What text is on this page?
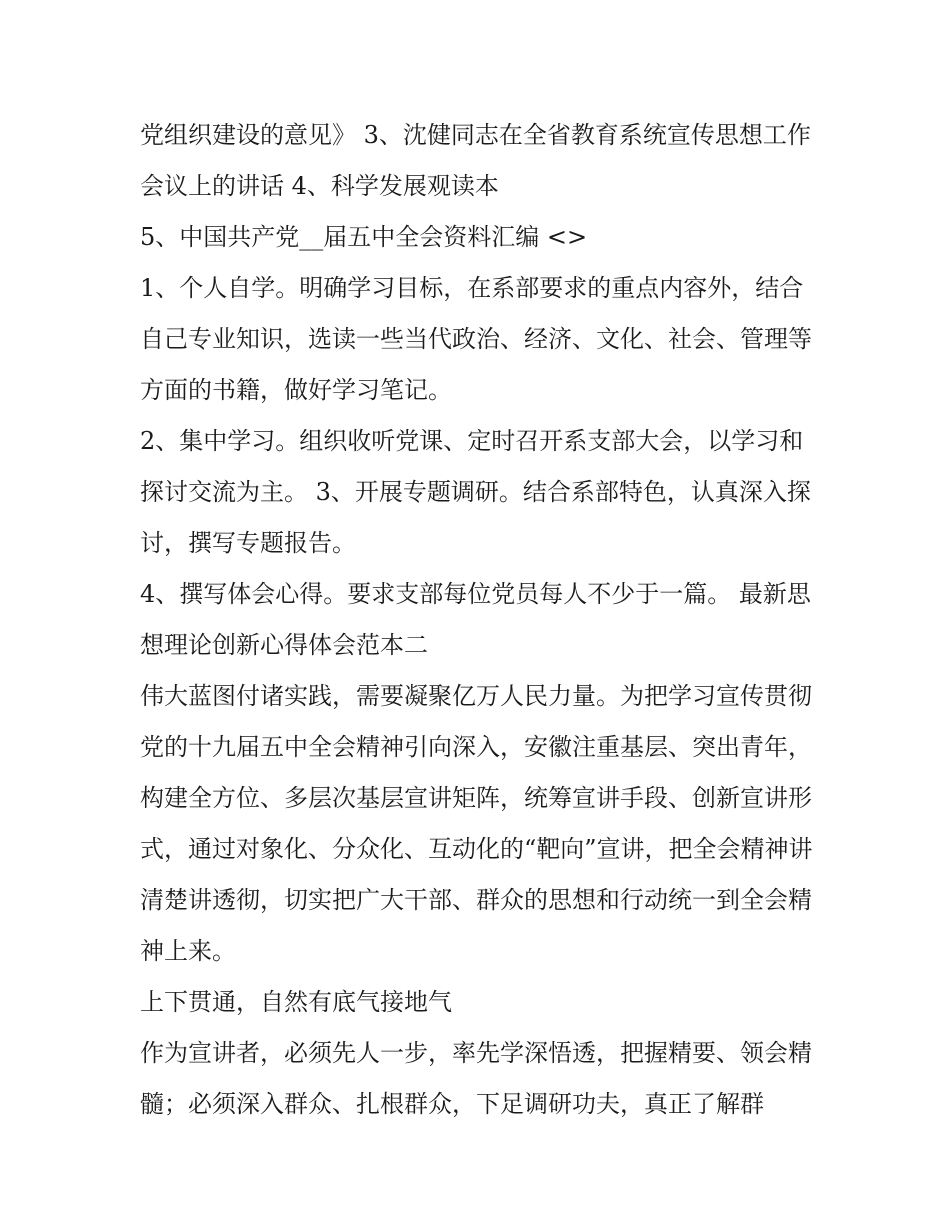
党组织建设的意见》 3、沈健同志在全省教育系统宣传思想工作会议上的讲话 4、科学发展观读本

5、中国共产党__届五中全会资料汇编 <>

1、个人自学。明确学习目标，在系部要求的重点内容外，结合自己专业知识，选读一些当代政治、经济、文化、社会、管理等方面的书籍，做好学习笔记。

2、集中学习。组织收听党课、定时召开系支部大会，以学习和探讨交流为主。 3、开展专题调研。结合系部特色，认真深入探讨，撰写专题报告。

4、撰写体会心得。要求支部每位党员每人不少于一篇。 最新思想理论创新心得体会范本二

伟大蓝图付诸实践，需要凝聚亿万人民力量。为把学习宣传贯彻党的十九届五中全会精神引向深入，安徽注重基层、突出青年，构建全方位、多层次基层宣讲矩阵，统筹宣讲手段、创新宣讲形式，通过对象化、分众化、互动化的“靶向”宣讲，把全会精神讲清楚讲透彻，切实把广大干部、群众的思想和行动统一到全会精神上来。

上下贯通，自然有底气接地气

作为宣讲者，必须先人一步，率先学深悟透，把握精要、领会精髓；必须深入群众、扎根群众，下足调研功夫，真正了解群
